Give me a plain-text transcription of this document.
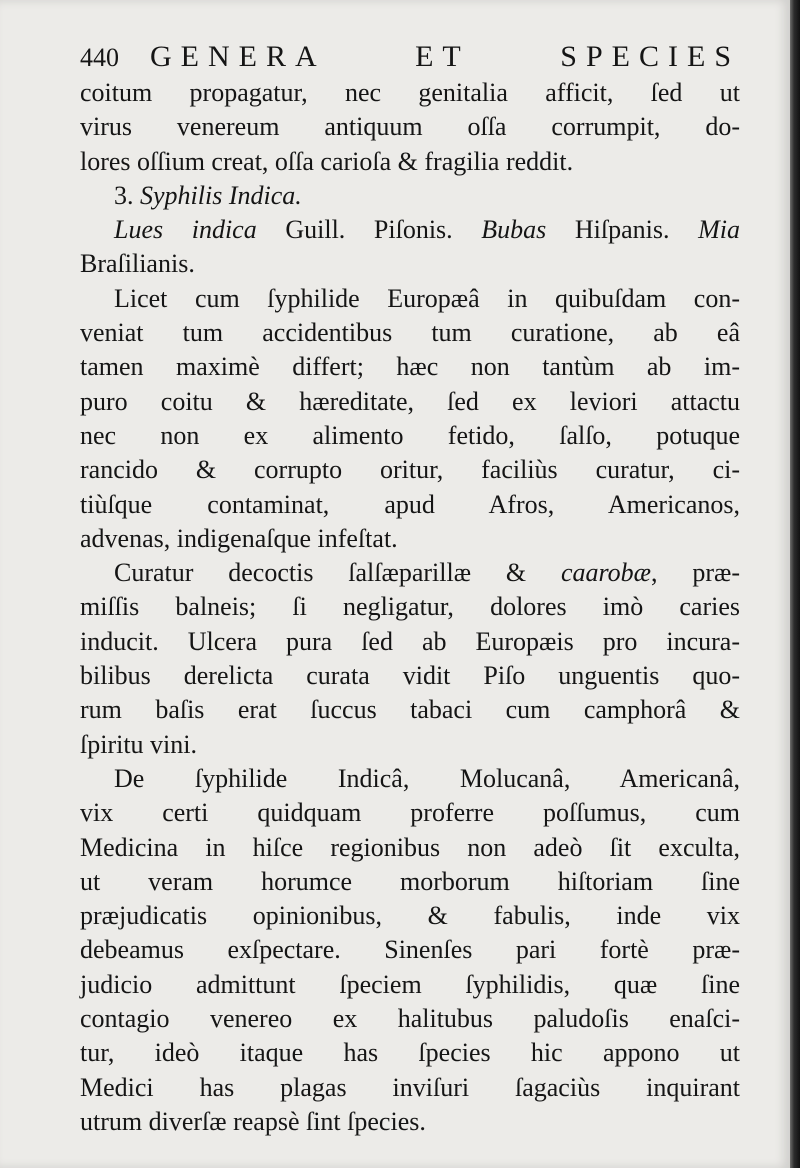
440	GENERA ET SPECIES
coitum propagatur, nec genitalia afficit, ſed ut
virus venereum antiquum oſſa corrumpit, do-
lores oſſium creat, oſſa carioſa & fragilia reddit.
3. Syphilis Indica.
Lues indica Guill. Piſonis. Bubas Hiſpanis. Mia
Braſilianis.
Licet cum ſyphilide Europæâ in quibuſdam con-
veniat tum accidentibus tum curatione, ab eâ
tamen maximè differt; hæc non tantùm ab im-
puro coitu & hæreditate, ſed ex leviori attactu
nec non ex alimento fetido, ſalſo, potuque
rancido & corrupto oritur, faciliùs curatur, ci-
tiùſque contaminat, apud Afros, Americanos,
advenas, indigenaſque infeſtat.
Curatur decoctis ſalſæparillæ & caarobæ, præ-
miſſis balneis; ſi negligatur, dolores imò caries
inducit. Ulcera pura ſed ab Europæis pro incura-
bilibus derelicta curata vidit Piſo unguentis quo-
rum baſis erat ſuccus tabaci cum camphorâ &
ſpiritu vini.
De ſyphilide Indicâ, Molucanâ, Americanâ,
vix certi quidquam proferre poſſumus, cum
Medicina in hiſce regionibus non adeò ſit exculta,
ut veram horumce morborum hiſtoriam ſine
præjudicatis opinionibus, & fabulis, inde vix
debeamus exſpectare. Sinenſes pari fortè præ-
judicio admittunt ſpeciem ſyphilidis, quæ ſine
contagio venereo ex halitubus paludoſis enaſci-
tur, ideò itaque has ſpecies hic appono ut
Medici has plagas inviſuri ſagaciùs inquirant
utrum diverſæ reapsè ſint ſpecies.
